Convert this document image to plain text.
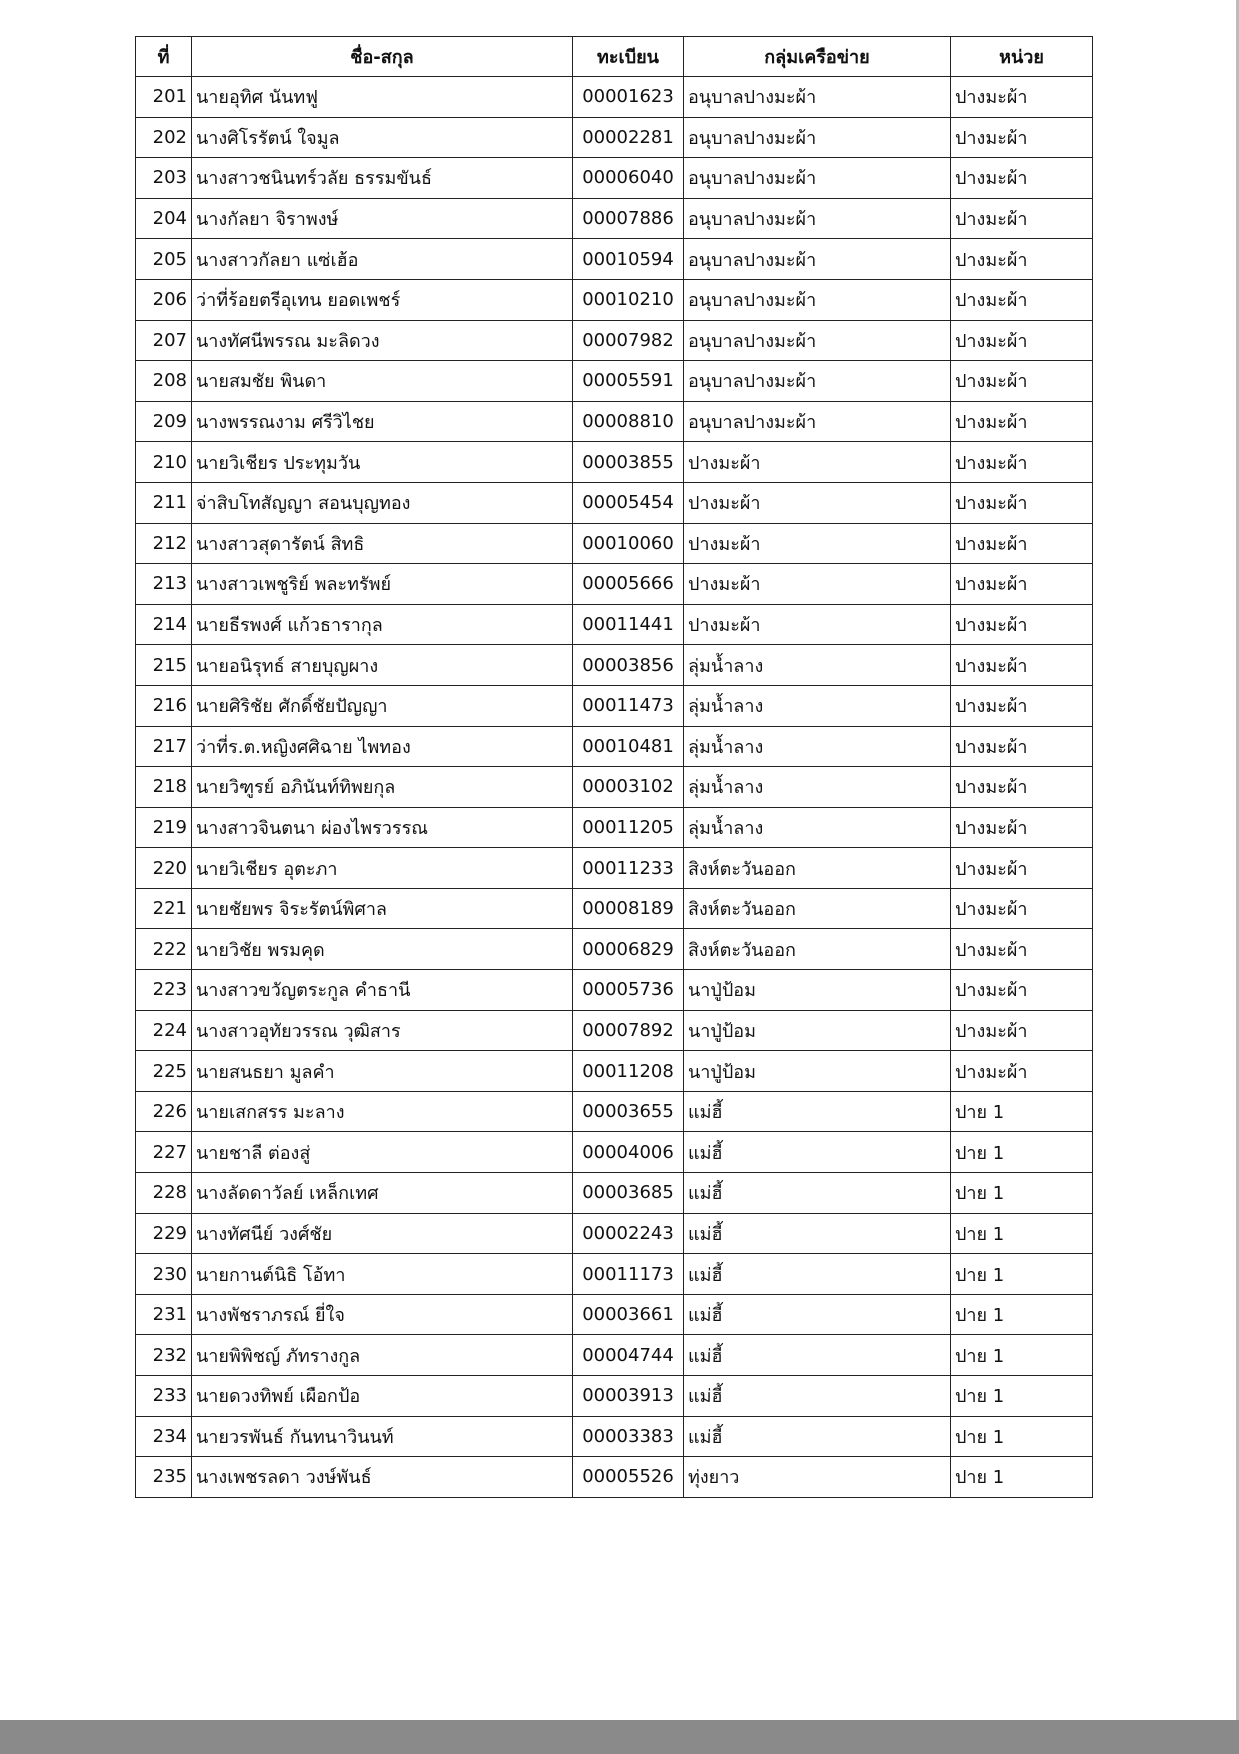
ที่	ชื่อ-สกุล	ทะเบียน	กลุ่มเครือข่าย	หน่วย
201	นายอุทิศ นันทฟู	00001623	อนุบาลปางมะผ้า	ปางมะผ้า
202	นางศิโรรัตน์ ใจมูล	00002281	อนุบาลปางมะผ้า	ปางมะผ้า
203	นางสาวชนินทร์วลัย ธรรมขันธ์	00006040	อนุบาลปางมะผ้า	ปางมะผ้า
204	นางกัลยา จิราพงษ์	00007886	อนุบาลปางมะผ้า	ปางมะผ้า
205	นางสาวกัลยา แซ่เฮ้อ	00010594	อนุบาลปางมะผ้า	ปางมะผ้า
206	ว่าที่ร้อยตรีอุเทน ยอดเพชร์	00010210	อนุบาลปางมะผ้า	ปางมะผ้า
207	นางทัศนีพรรณ มะลิดวง	00007982	อนุบาลปางมะผ้า	ปางมะผ้า
208	นายสมชัย พินดา	00005591	อนุบาลปางมะผ้า	ปางมะผ้า
209	นางพรรณงาม ศรีวิไชย	00008810	อนุบาลปางมะผ้า	ปางมะผ้า
210	นายวิเชียร ประทุมวัน	00003855	ปางมะผ้า	ปางมะผ้า
211	จ่าสิบโทสัญญา สอนบุญทอง	00005454	ปางมะผ้า	ปางมะผ้า
212	นางสาวสุดารัตน์ สิทธิ	00010060	ปางมะผ้า	ปางมะผ้า
213	นางสาวเพชูริย์ พละทรัพย์	00005666	ปางมะผ้า	ปางมะผ้า
214	นายธีรพงศ์ แก้วธารากุล	00011441	ปางมะผ้า	ปางมะผ้า
215	นายอนิรุทธ์ สายบุญผาง	00003856	ลุ่มน้ำลาง	ปางมะผ้า
216	นายศิริชัย ศักดิ์ชัยปัญญา	00011473	ลุ่มน้ำลาง	ปางมะผ้า
217	ว่าที่ร.ต.หญิงศศิฉาย ไพทอง	00010481	ลุ่มน้ำลาง	ปางมะผ้า
218	นายวิฑูรย์ อภินันท์ทิพยกุล	00003102	ลุ่มน้ำลาง	ปางมะผ้า
219	นางสาวจินตนา ผ่องไพรวรรณ	00011205	ลุ่มน้ำลาง	ปางมะผ้า
220	นายวิเชียร อุตะภา	00011233	สิงห์ตะวันออก	ปางมะผ้า
221	นายชัยพร จิระรัตน์พิศาล	00008189	สิงห์ตะวันออก	ปางมะผ้า
222	นายวิชัย พรมคุด	00006829	สิงห์ตะวันออก	ปางมะผ้า
223	นางสาวขวัญตระกูล คำธานี	00005736	นาปู่ป้อม	ปางมะผ้า
224	นางสาวอุทัยวรรณ วุฒิสาร	00007892	นาปู่ป้อม	ปางมะผ้า
225	นายสนธยา มูลคำ	00011208	นาปู่ป้อม	ปางมะผ้า
226	นายเสกสรร มะลาง	00003655	แม่ฮี้	ปาย 1
227	นายชาลี ต่องสู่	00004006	แม่ฮี้	ปาย 1
228	นางลัดดาวัลย์ เหล็กเทศ	00003685	แม่ฮี้	ปาย 1
229	นางทัศนีย์ วงศ์ชัย	00002243	แม่ฮี้	ปาย 1
230	นายกานต์นิธิ โอ้ทา	00011173	แม่ฮี้	ปาย 1
231	นางพัชราภรณ์ ยี่ใจ	00003661	แม่ฮี้	ปาย 1
232	นายพิพิชญ์ ภัทรางกูล	00004744	แม่ฮี้	ปาย 1
233	นายดวงทิพย์ เผือกป้อ	00003913	แม่ฮี้	ปาย 1
234	นายวรพันธ์ กันทนาวินนท์	00003383	แม่ฮี้	ปาย 1
235	นางเพชรลดา วงษ์พันธ์	00005526	ทุ่งยาว	ปาย 1
